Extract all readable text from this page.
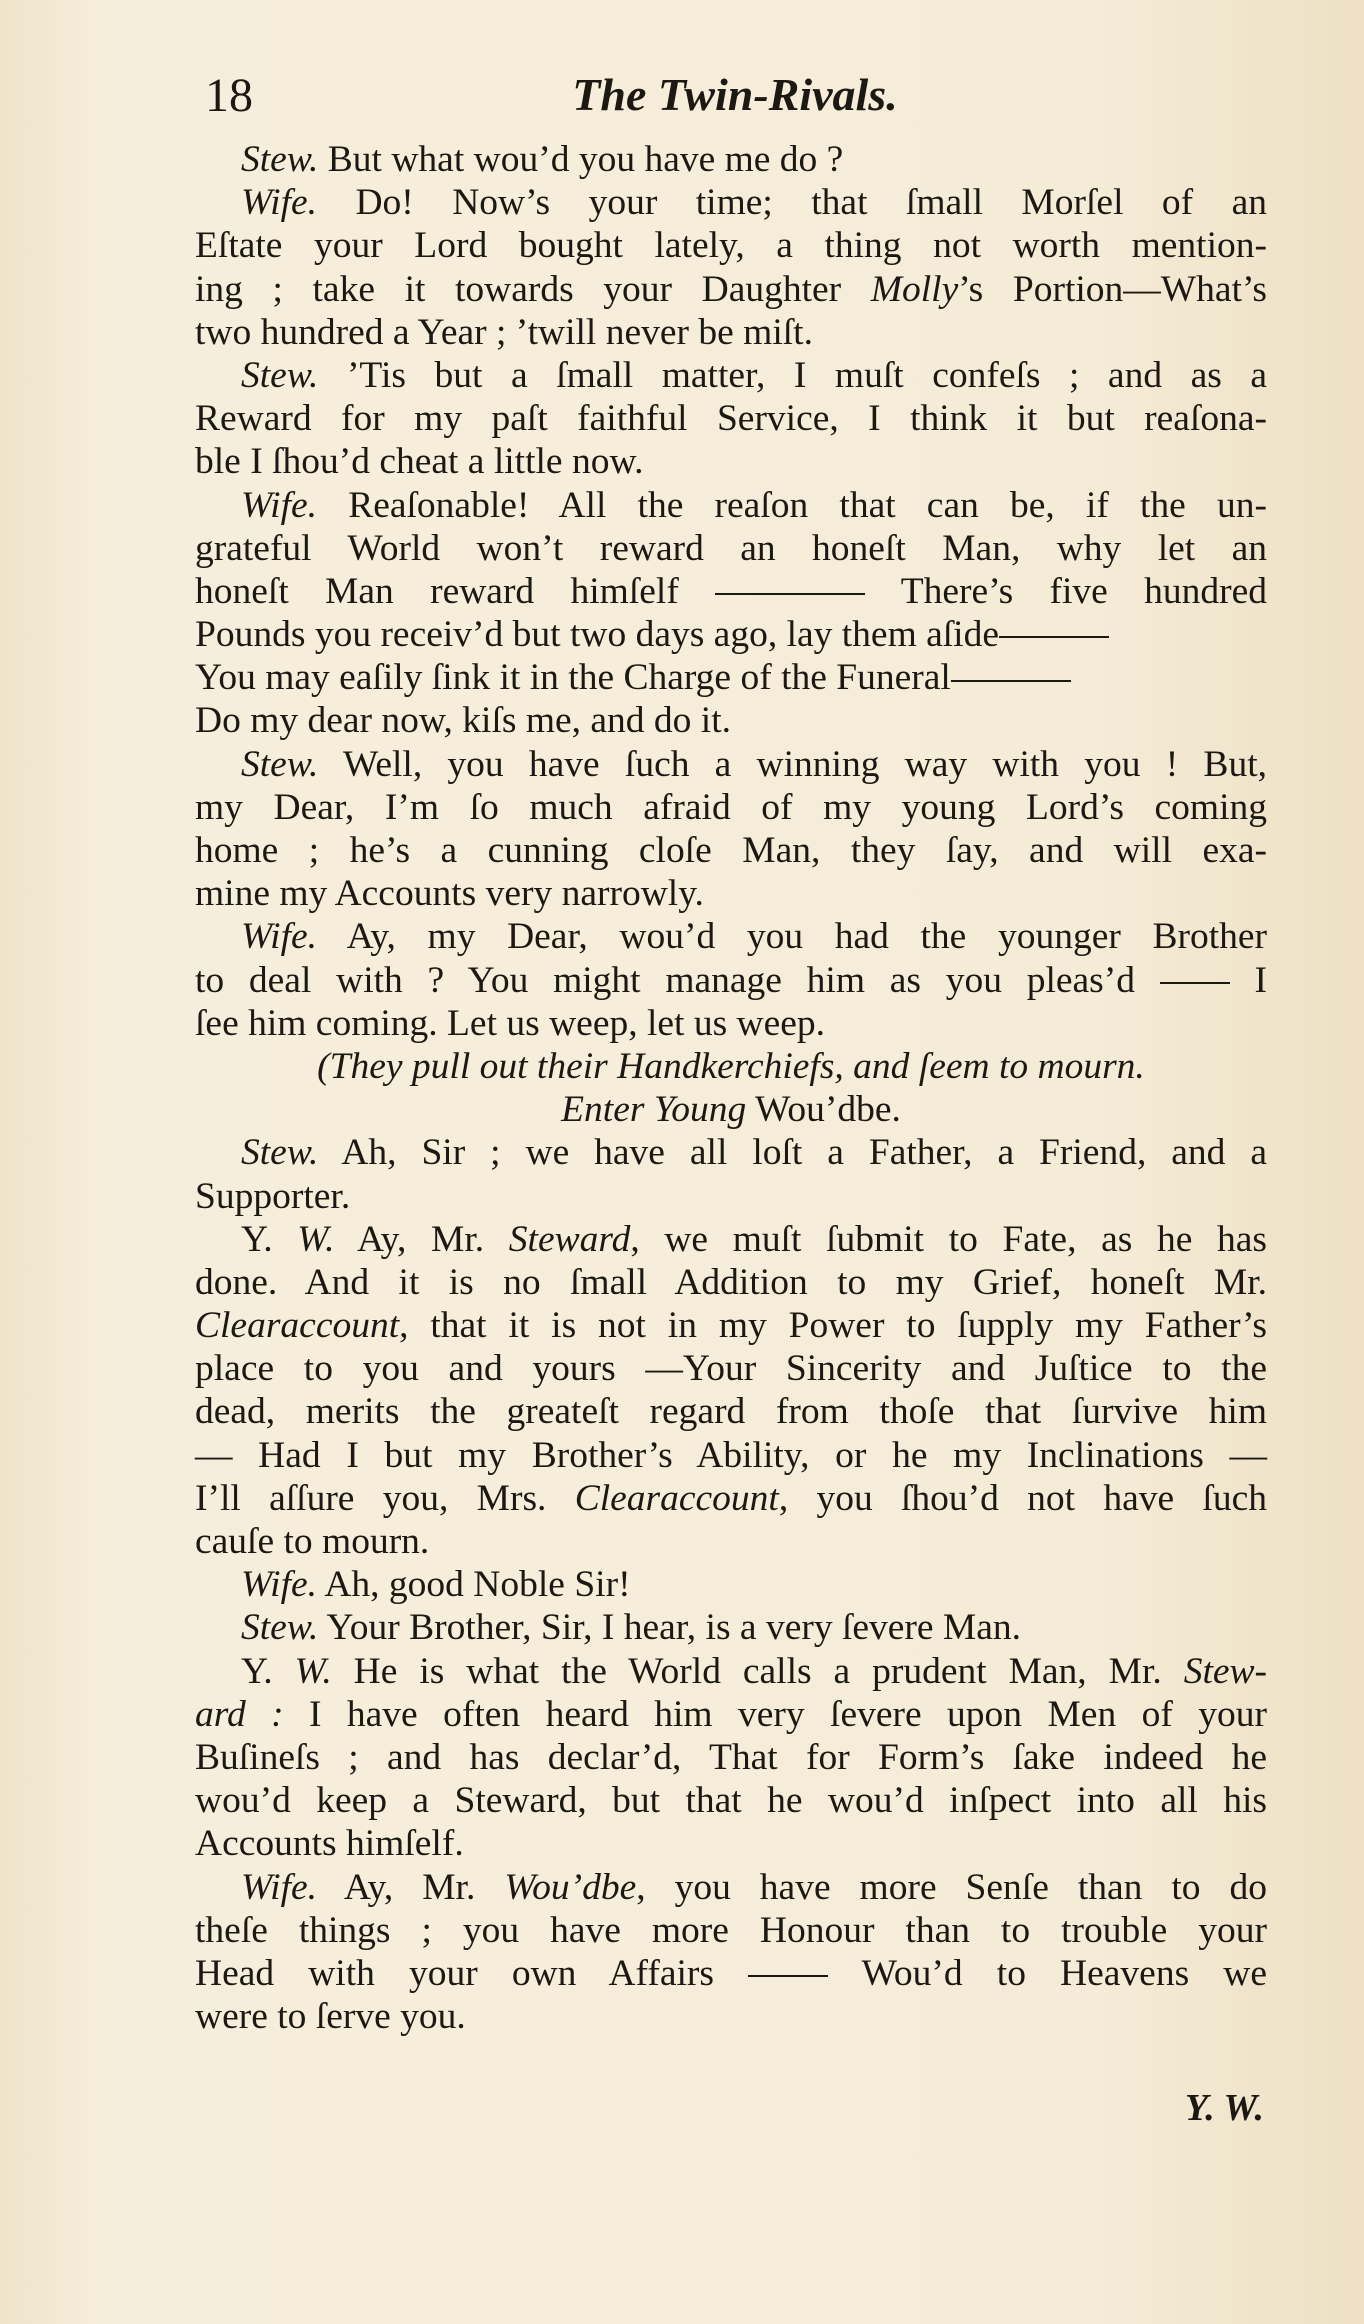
18	The Twin-Rivals.
Stew. But what wou’d you have me do ?
Wife. Do! Now’s your time; that ſmall Morſel of an
Eſtate your Lord bought lately, a thing not worth mention-
ing ; take it towards your Daughter Molly’s Portion—What’s
two hundred a Year ; ’twill never be miſt.
Stew. ’Tis but a ſmall matter, I muſt confeſs ; and as a
Reward for my paſt faithful Service, I think it but reaſona-
ble I ſhou’d cheat a little now.
Wife. Reaſonable! All the reaſon that can be, if the un-
grateful World won’t reward an honeſt Man, why let an
honeſt Man reward himſelf	There’s five hundred
Pounds you receiv’d but two days ago, lay them aſide
You may eaſily ſink it in the Charge of the Funeral
Do my dear now, kiſs me, and do it.
Stew. Well, you have ſuch a winning way with you ! But,
my Dear, I’m ſo much afraid of my young Lord’s coming
home ; he’s a cunning cloſe Man, they ſay, and will exa-
mine my Accounts very narrowly.
Wife. Ay, my Dear, wou’d you had the younger Brother
to deal with ? You might manage him as you pleas’d  I
ſee him coming. Let us weep, let us weep.
(They pull out their Handkerchiefs, and ſeem to mourn.
Enter Young Wou’dbe.
Stew. Ah, Sir ; we have all loſt a Father, a Friend, and a
Supporter.
Y. W. Ay, Mr. Steward, we muſt ſubmit to Fate, as he has
done. And it is no ſmall Addition to my Grief, honeſt Mr.
Clearaccount, that it is not in my Power to ſupply my Father’s
place to you and yours —Your Sincerity and Juſtice to the
dead, merits the greateſt regard from thoſe that ſurvive him
— Had I but my Brother’s Ability, or he my Inclinations —
I’ll aſſure you, Mrs. Clearaccount, you ſhou’d not have ſuch
cauſe to mourn.
Wife. Ah, good Noble Sir!
Stew. Your Brother, Sir, I hear, is a very ſevere Man.
Y. W. He is what the World calls a prudent Man, Mr. Stew-
ard : I have often heard him very ſevere upon Men of your
Buſineſs ; and has declar’d, That for Form’s ſake indeed he
wou’d keep a Steward, but that he wou’d inſpect into all his
Accounts himſelf.
Wife. Ay, Mr. Wou’dbe, you have more Senſe than to do
theſe things ; you have more Honour than to trouble your
Head with your own Affairs  Wou’d to Heavens we
were to ſerve you.
Y. W.
